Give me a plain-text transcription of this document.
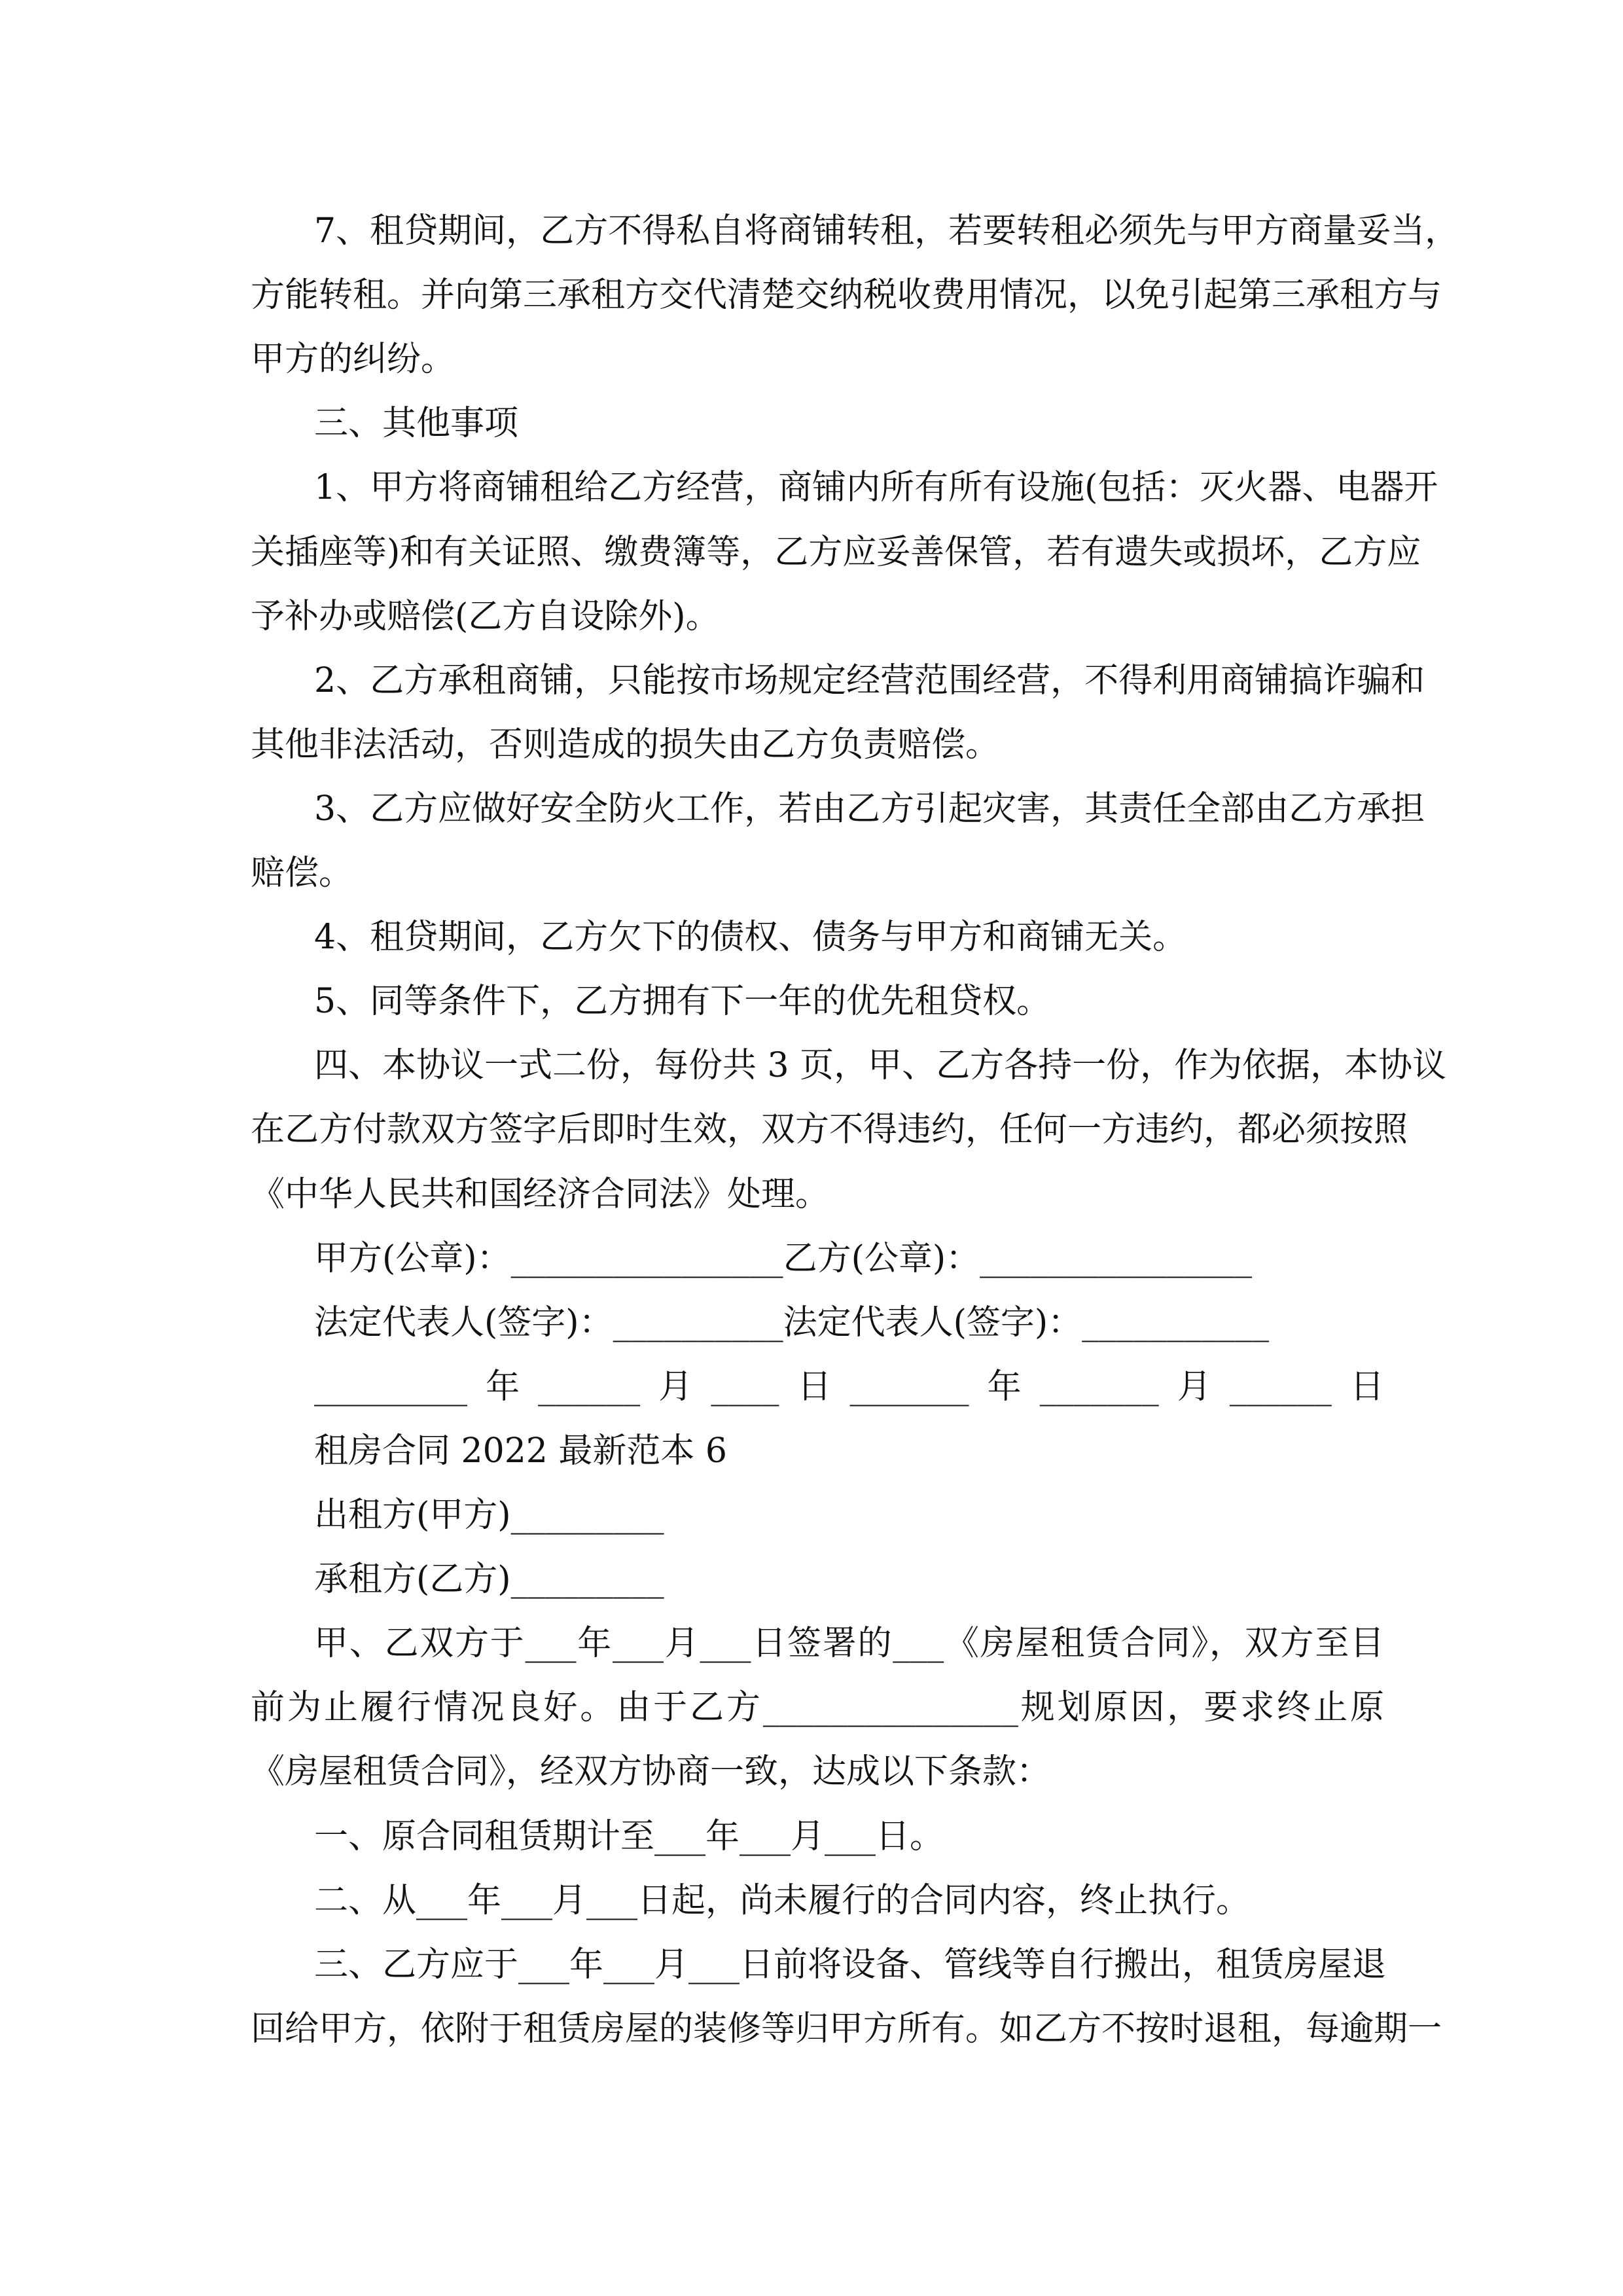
7、租贷期间，乙方不得私自将商铺转租，若要转租必须先与甲方商量妥当，
方能转租。并向第三承租方交代清楚交纳税收费用情况，以免引起第三承租方与
甲方的纠纷。
三、其他事项
1、甲方将商铺租给乙方经营，商铺内所有所有设施(包括：灭火器、电器开
关插座等)和有关证照、缴费簿等，乙方应妥善保管，若有遗失或损坏，乙方应
予补办或赔偿(乙方自设除外)。
2、乙方承租商铺，只能按市场规定经营范围经营，不得利用商铺搞诈骗和
其他非法活动，否则造成的损失由乙方负责赔偿。
3、乙方应做好安全防火工作，若由乙方引起灾害，其责任全部由乙方承担
赔偿。
4、租贷期间，乙方欠下的债权、债务与甲方和商铺无关。
5、同等条件下，乙方拥有下一年的优先租贷权。
四、本协议一式二份，每份共 3 页，甲、乙方各持一份，作为依据，本协议
在乙方付款双方签字后即时生效，双方不得违约，任何一方违约，都必须按照
《中华人民共和国经济合同法》处理。
甲方(公章)：________________乙方(公章)：________________
法定代表人(签字)：__________法定代表人(签字)：___________
_________年______月____日_______年_______月______日
租房合同 2022 最新范本 6
出租方(甲方)_________
承租方(乙方)_________
甲、乙双方于___年___月___日签署的___《房屋租赁合同》，双方至目
前为止履行情况良好。由于乙方_______________规划原因，要求终止原
《房屋租赁合同》，经双方协商一致，达成以下条款：
一、原合同租赁期计至___年___月___日。
二、从___年___月___日起，尚未履行的合同内容，终止执行。
三、乙方应于___年___月___日前将设备、管线等自行搬出，租赁房屋退
回给甲方，依附于租赁房屋的装修等归甲方所有。如乙方不按时退租，每逾期一
